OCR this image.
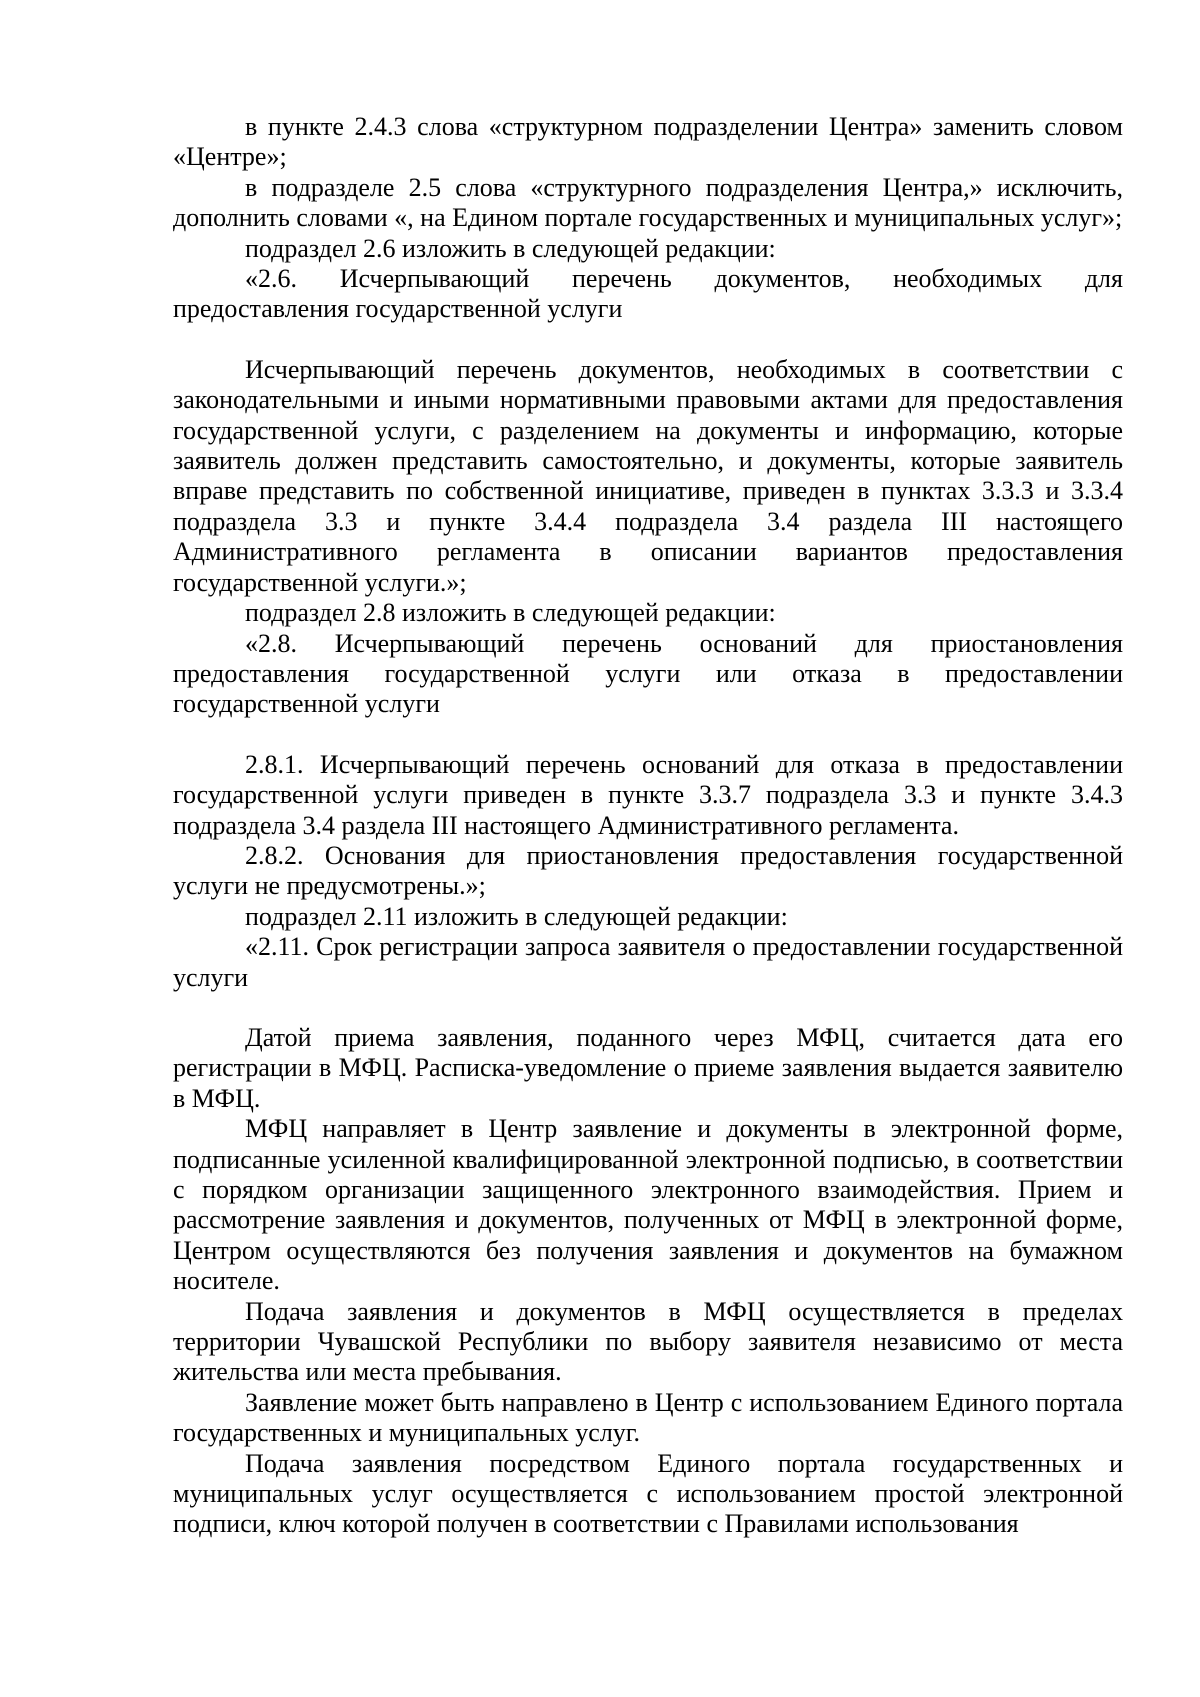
в пункте 2.4.3 слова «структурном подразделении Центра» заменить словом «Центре»;

в подразделе 2.5 слова «структурного подразделения Центра,» исключить, дополнить словами «, на Едином портале государственных и муниципальных услуг»;

подраздел 2.6 изложить в следующей редакции:

«2.6. Исчерпывающий перечень документов, необходимых для предоставления государственной услуги

Исчерпывающий перечень документов, необходимых в соответствии с законодательными и иными нормативными правовыми актами для предоставления государственной услуги, с разделением на документы и информацию, которые заявитель должен представить самостоятельно, и документы, которые заявитель вправе представить по собственной инициативе, приведен в пунктах 3.3.3 и 3.3.4 подраздела 3.3 и пункте 3.4.4 подраздела 3.4 раздела III настоящего Административного регламента в описании вариантов предоставления государственной услуги.»;

подраздел 2.8 изложить в следующей редакции:

«2.8. Исчерпывающий перечень оснований для приостановления предоставления государственной услуги или отказа в предоставлении государственной услуги

2.8.1. Исчерпывающий перечень оснований для отказа в предоставлении государственной услуги приведен в пункте 3.3.7 подраздела 3.3 и пункте 3.4.3 подраздела 3.4 раздела III настоящего Административного регламента.

2.8.2. Основания для приостановления предоставления государственной услуги не предусмотрены.»;

подраздел 2.11 изложить в следующей редакции:

«2.11. Срок регистрации запроса заявителя о предоставлении государственной услуги

Датой приема заявления, поданного через МФЦ, считается дата его регистрации в МФЦ. Расписка-уведомление о приеме заявления выдается заявителю в МФЦ.

МФЦ направляет в Центр заявление и документы в электронной форме, подписанные усиленной квалифицированной электронной подписью, в соответствии с порядком организации защищенного электронного взаимодействия. Прием и рассмотрение заявления и документов, полученных от МФЦ в электронной форме, Центром осуществляются без получения заявления и документов на бумажном носителе.

Подача заявления и документов в МФЦ осуществляется в пределах территории Чувашской Республики по выбору заявителя независимо от места жительства или места пребывания.

Заявление может быть направлено в Центр с использованием Единого портала государственных и муниципальных услуг.

Подача заявления посредством Единого портала государственных и муниципальных услуг осуществляется с использованием простой электронной подписи, ключ которой получен в соответствии с Правилами использования
